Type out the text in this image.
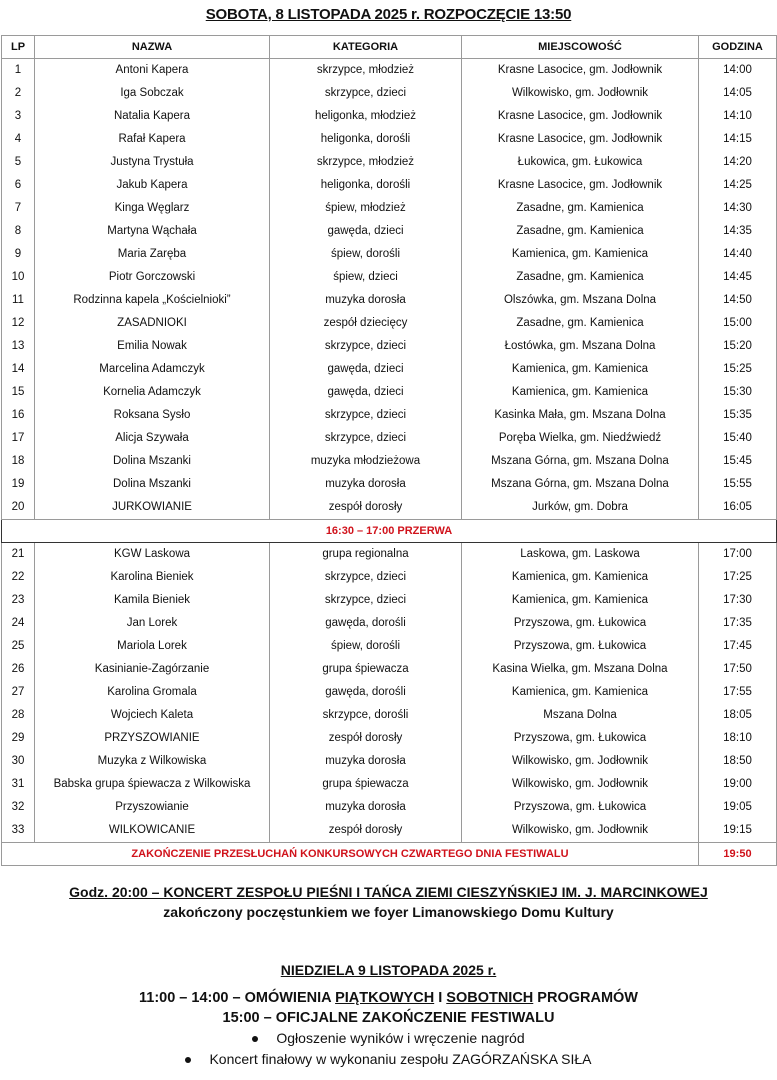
SOBOTA, 8 LISTOPADA 2025 r. ROZPOCZĘCIE 13:50
LP	NAZWA	KATEGORIA	MIEJSCOWOŚĆ	GODZINA
1	Antoni Kapera	skrzypce, młodzież	Krasne Lasocice, gm. Jodłownik	14:00
2	Iga Sobczak	skrzypce, dzieci	Wilkowisko, gm. Jodłownik	14:05
3	Natalia Kapera	heligonka, młodzież	Krasne Lasocice, gm. Jodłownik	14:10
4	Rafał Kapera	heligonka, dorośli	Krasne Lasocice, gm. Jodłownik	14:15
5	Justyna Trystuła	skrzypce, młodzież	Łukowica, gm. Łukowica	14:20
6	Jakub Kapera	heligonka, dorośli	Krasne Lasocice, gm. Jodłownik	14:25
7	Kinga Węglarz	śpiew, młodzież	Zasadne, gm. Kamienica	14:30
8	Martyna Wąchała	gawęda, dzieci	Zasadne, gm. Kamienica	14:35
9	Maria Zaręba	śpiew, dorośli	Kamienica, gm. Kamienica	14:40
10	Piotr Gorczowski	śpiew, dzieci	Zasadne, gm. Kamienica	14:45
11	Rodzinna kapela „Kościelnioki”	muzyka dorosła	Olszówka, gm. Mszana Dolna	14:50
12	ZASADNIOKI	zespół dziecięcy	Zasadne, gm. Kamienica	15:00
13	Emilia Nowak	skrzypce, dzieci	Łostówka, gm. Mszana Dolna	15:20
14	Marcelina Adamczyk	gawęda, dzieci	Kamienica, gm. Kamienica	15:25
15	Kornelia Adamczyk	gawęda, dzieci	Kamienica, gm. Kamienica	15:30
16	Roksana Sysło	skrzypce, dzieci	Kasinka Mała, gm. Mszana Dolna	15:35
17	Alicja Szywała	skrzypce, dzieci	Poręba Wielka, gm. Niedźwiedź	15:40
18	Dolina Mszanki	muzyka młodzieżowa	Mszana Górna, gm. Mszana Dolna	15:45
19	Dolina Mszanki	muzyka dorosła	Mszana Górna, gm. Mszana Dolna	15:55
20	JURKOWIANIE	zespół dorosły	Jurków, gm. Dobra	16:05
16:30 – 17:00 PRZERWA				
21	KGW Laskowa	grupa regionalna	Laskowa, gm. Laskowa	17:00
22	Karolina Bieniek	skrzypce, dzieci	Kamienica, gm. Kamienica	17:25
23	Kamila Bieniek	skrzypce, dzieci	Kamienica, gm. Kamienica	17:30
24	Jan Lorek	gawęda, dorośli	Przyszowa, gm. Łukowica	17:35
25	Mariola Lorek	śpiew, dorośli	Przyszowa, gm. Łukowica	17:45
26	Kasinianie-Zagórzanie	grupa śpiewacza	Kasina Wielka, gm. Mszana Dolna	17:50
27	Karolina Gromala	gawęda, dorośli	Kamienica, gm. Kamienica	17:55
28	Wojciech Kaleta	skrzypce, dorośli	Mszana Dolna	18:05
29	PRZYSZOWIANIE	zespół dorosły	Przyszowa, gm. Łukowica	18:10
30	Muzyka z Wilkowiska	muzyka dorosła	Wilkowisko, gm. Jodłownik	18:50
31	Babska grupa śpiewacza z Wilkowiska	grupa śpiewacza	Wilkowisko, gm. Jodłownik	19:00
32	Przyszowianie	muzyka dorosła	Przyszowa, gm. Łukowica	19:05
33	WILKOWICANIE	zespół dorosły	Wilkowisko, gm. Jodłownik	19:15
ZAKOŃCZENIE PRZESŁUCHAŃ KONKURSOWYCH CZWARTEGO DNIA FESTIWALU				19:50
Godz. 20:00 – KONCERT ZESPOŁU PIEŚNI I TAŃCA ZIEMI CIESZYŃSKIEJ IM. J. MARCINKOWEJ
zakończony poczęstunkiem we foyer Limanowskiego Domu Kultury
NIEDZIELA 9 LISTOPADA 2025 r.
11:00 – 14:00 – OMÓWIENIA PIĄTKOWYCH I SOBOTNICH PROGRAMÓW
15:00 – OFICJALNE ZAKOŃCZENIE FESTIWALU
Ogłoszenie wyników i wręczenie nagród
Koncert finałowy w wykonaniu zespołu ZAGÓRZAŃSKA SIŁA
